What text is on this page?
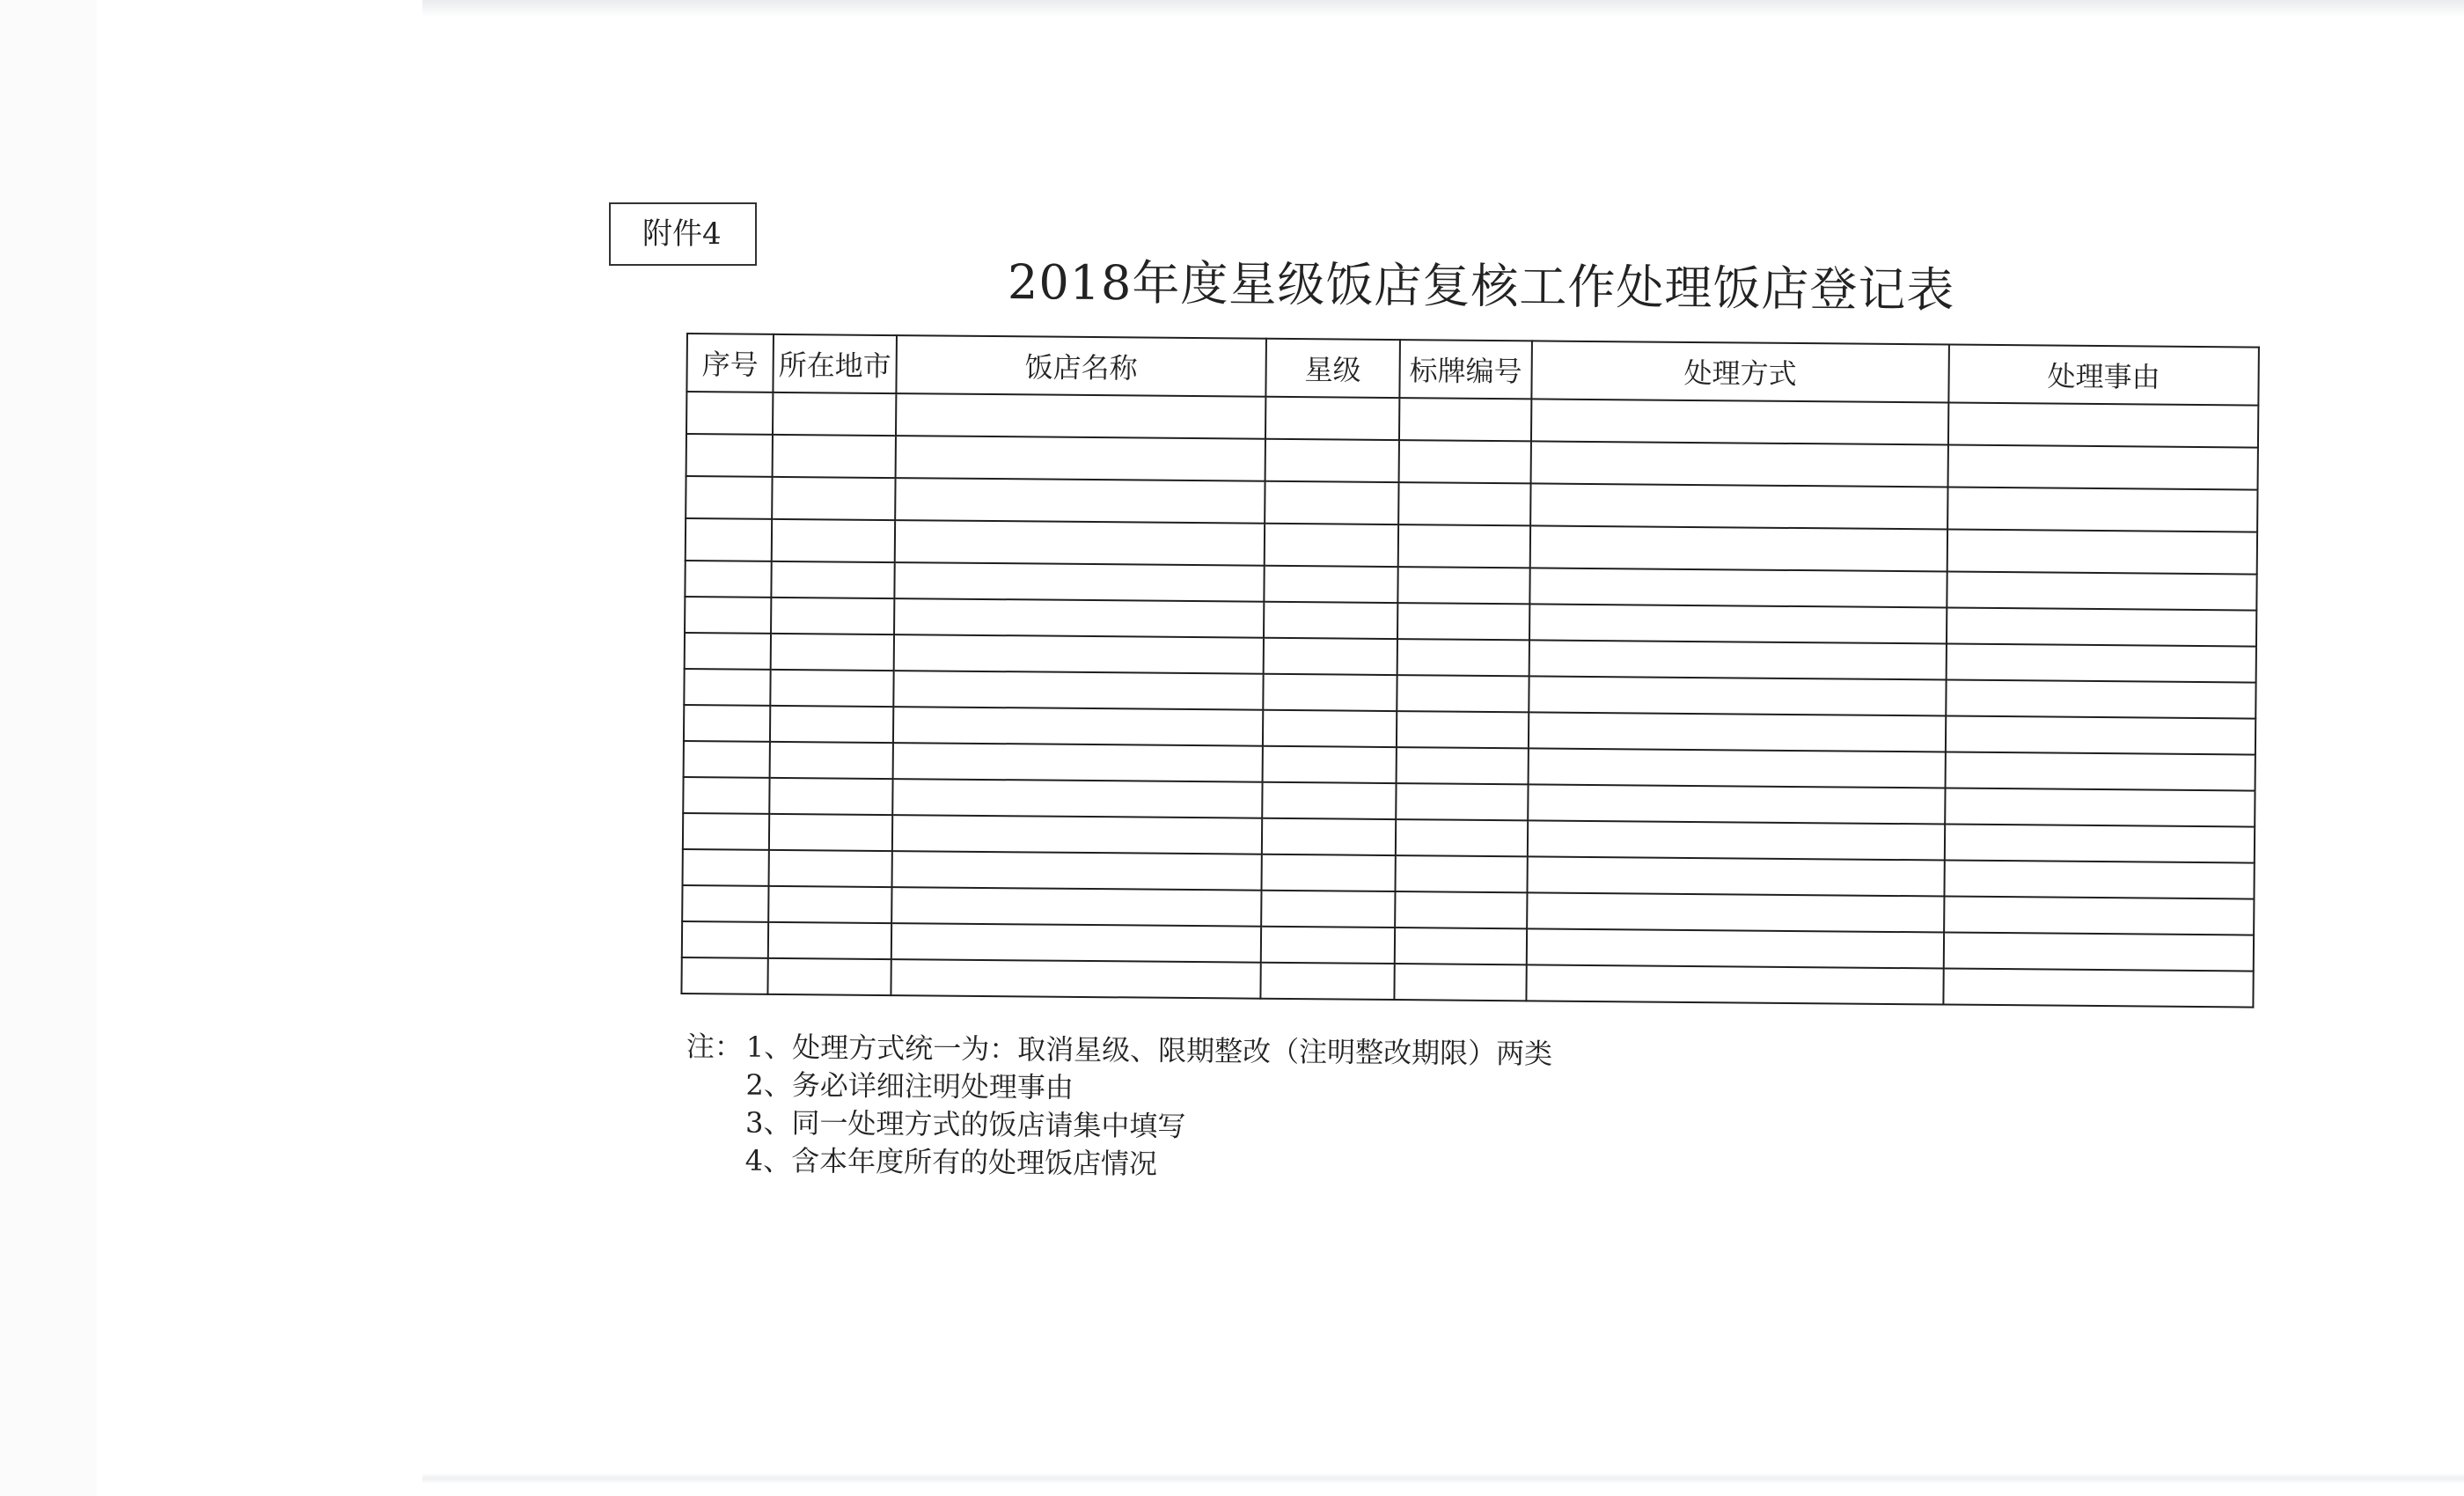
附件4
2018年度星级饭店复核工作处理饭店登记表
序号	所在地市	饭店名称	星级	标牌编号	处理方式	处理事由

注： 1、处理方式统一为：取消星级、限期整改（注明整改期限）两类
2、务必详细注明处理事由
3、同一处理方式的饭店请集中填写
4、含本年度所有的处理饭店情况
